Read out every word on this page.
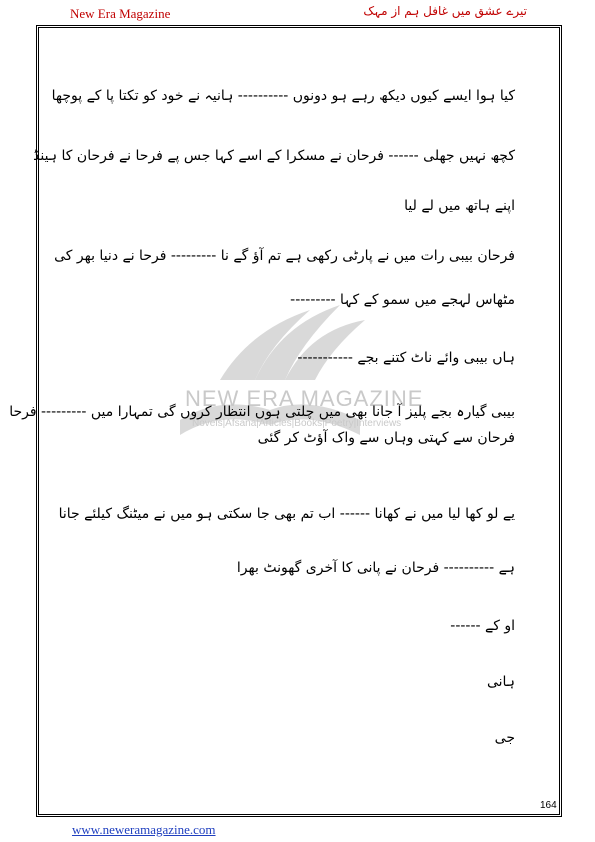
New Era Magazine	تیرے عشق میں غافل ہم از مہک
NEW ERA MAGAZINE
Novels|Afsana|Articles|Books|Poetry|Interviews
کیا ہوا ایسے کیوں دیکھ رہے ہو دونوں ---------- ہانیہ نے خود کو تکتا پا کے پوچھا
کچھ نہیں جھلی ------ فرحان نے مسکرا کے اسے کہا جس پے فرحا نے فرحان کا ہینڈ
اپنے ہاتھ میں لے لیا
فرحان بیبی رات میں نے پارٹی رکھی ہے تم آؤ گے نا --------- فرحا نے دنیا بھر کی
مٹھاس لہجے میں سمو کے کہا ---------
ہاں بیبی وائے ناٹ کتنے بجے -----------
بیبی گیارہ بجے پلیز آ جانا بھی میں چلتی ہوں انتظار کروں گی تمہارا میں --------- فرحا
فرحان سے کہتی وہاں سے واک آؤٹ کر گئی
یے لو کھا لیا میں نے کھانا ------ اب تم بھی جا سکتی ہو میں نے میٹنگ کیلئے جانا
ہے ---------- فرحان نے پانی کا آخری گھونٹ بھرا
او کے ------
ہانی
جی
164
www.neweramagazine.com
